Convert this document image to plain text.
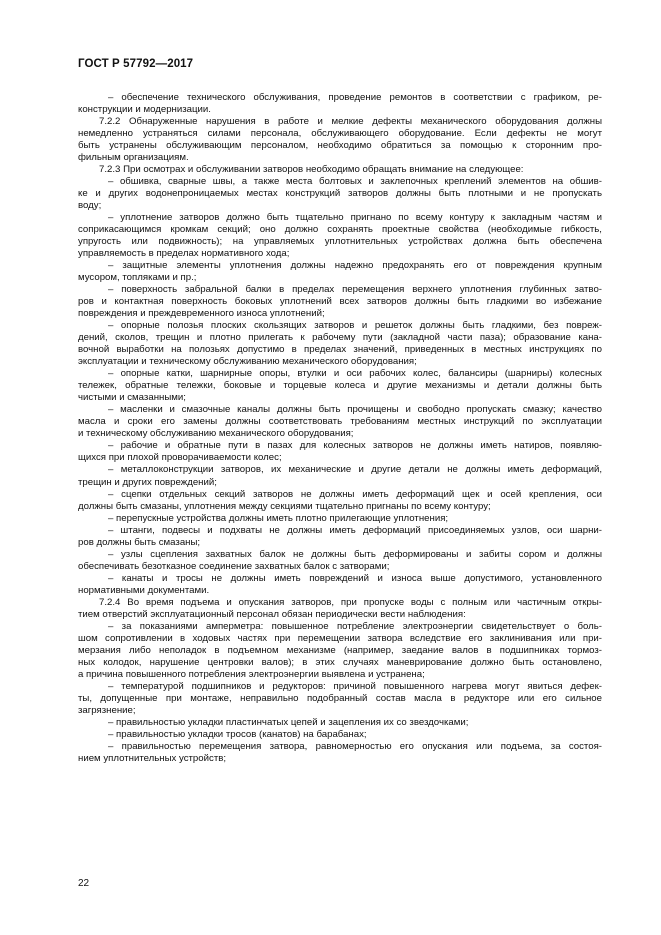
ГОСТ Р 57792—2017
– обеспечение технического обслуживания, проведение ремонтов в соответствии с графиком, ре-
конструкции и модернизации.
7.2.2 Обнаруженные нарушения в работе и мелкие дефекты механического оборудования должны
немедленно устраняться силами персонала, обслуживающего оборудование. Если дефекты не могут
быть устранены обслуживающим персоналом, необходимо обратиться за помощью к сторонним про-
фильным организациям.
7.2.3 При осмотрах и обслуживании затворов необходимо обращать внимание на следующее:
– обшивка, сварные швы, а также места болтовых и заклепочных креплений элементов на обшив-
ке и других водонепроницаемых местах конструкций затворов должны быть плотными и не пропускать
воду;
– уплотнение затворов должно быть тщательно пригнано по всему контуру к закладным частям и
соприкасающимся кромкам секций; оно должно сохранять проектные свойства (необходимые гибкость,
упругость или подвижность); на управляемых уплотнительных устройствах должна быть обеспечена
управляемость в пределах нормативного хода;
– защитные элементы уплотнения должны надежно предохранять его от повреждения крупным
мусором, топляками и пр.;
– поверхность забральной балки в пределах перемещения верхнего уплотнения глубинных затво-
ров и контактная поверхность боковых уплотнений всех затворов должны быть гладкими во избежание
повреждения и преждевременного износа уплотнений;
– опорные полозья плоских скользящих затворов и решеток должны быть гладкими, без повреж-
дений, сколов, трещин и плотно прилегать к рабочему пути (закладной части паза); образование кана-
вочной выработки на полозьях допустимо в пределах значений, приведенных в местных инструкциях по
эксплуатации и техническому обслуживанию механического оборудования;
– опорные катки, шарнирные опоры, втулки и оси рабочих колес, балансиры (шарниры) колесных
тележек, обратные тележки, боковые и торцевые колеса и другие механизмы и детали должны быть
чистыми и смазанными;
– масленки и смазочные каналы должны быть прочищены и свободно пропускать смазку; качество
масла и сроки его замены должны соответствовать требованиям местных инструкций по эксплуатации
и техническому обслуживанию механического оборудования;
– рабочие и обратные пути в пазах для колесных затворов не должны иметь натиров, появляю-
щихся при плохой проворачиваемости колес;
– металлоконструкции затворов, их механические и другие детали не должны иметь деформаций,
трещин и других повреждений;
– сцепки отдельных секций затворов не должны иметь деформаций щек и осей крепления, оси
должны быть смазаны, уплотнения между секциями тщательно пригнаны по всему контуру;
– перепускные устройства должны иметь плотно прилегающие уплотнения;
– штанги, подвесы и подхваты не должны иметь деформаций присоединяемых узлов, оси шарни-
ров должны быть смазаны;
– узлы сцепления захватных балок не должны быть деформированы и забиты сором и должны
обеспечивать безотказное соединение захватных балок с затворами;
– канаты и тросы не должны иметь повреждений и износа выше допустимого, установленного
нормативными документами.
7.2.4 Во время подъема и опускания затворов, при пропуске воды с полным или частичным откры-
тием отверстий эксплуатационный персонал обязан периодически вести наблюдения:
– за показаниями амперметра: повышенное потребление электроэнергии свидетельствует о боль-
шом сопротивлении в ходовых частях при перемещении затвора вследствие его заклинивания или при-
мерзания либо неполадок в подъемном механизме (например, заедание валов в подшипниках тормоз-
ных колодок, нарушение центровки валов); в этих случаях маневрирование должно быть остановлено,
а причина повышенного потребления электроэнергии выявлена и устранена;
– температурой подшипников и редукторов: причиной повышенного нагрева могут явиться дефек-
ты, допущенные при монтаже, неправильно подобранный состав масла в редукторе или его сильное
загрязнение;
– правильностью укладки пластинчатых цепей и зацепления их со звездочками;
– правильностью укладки тросов (канатов) на барабанах;
– правильностью перемещения затвора, равномерностью его опускания или подъема, за состоя-
нием уплотнительных устройств;
22
